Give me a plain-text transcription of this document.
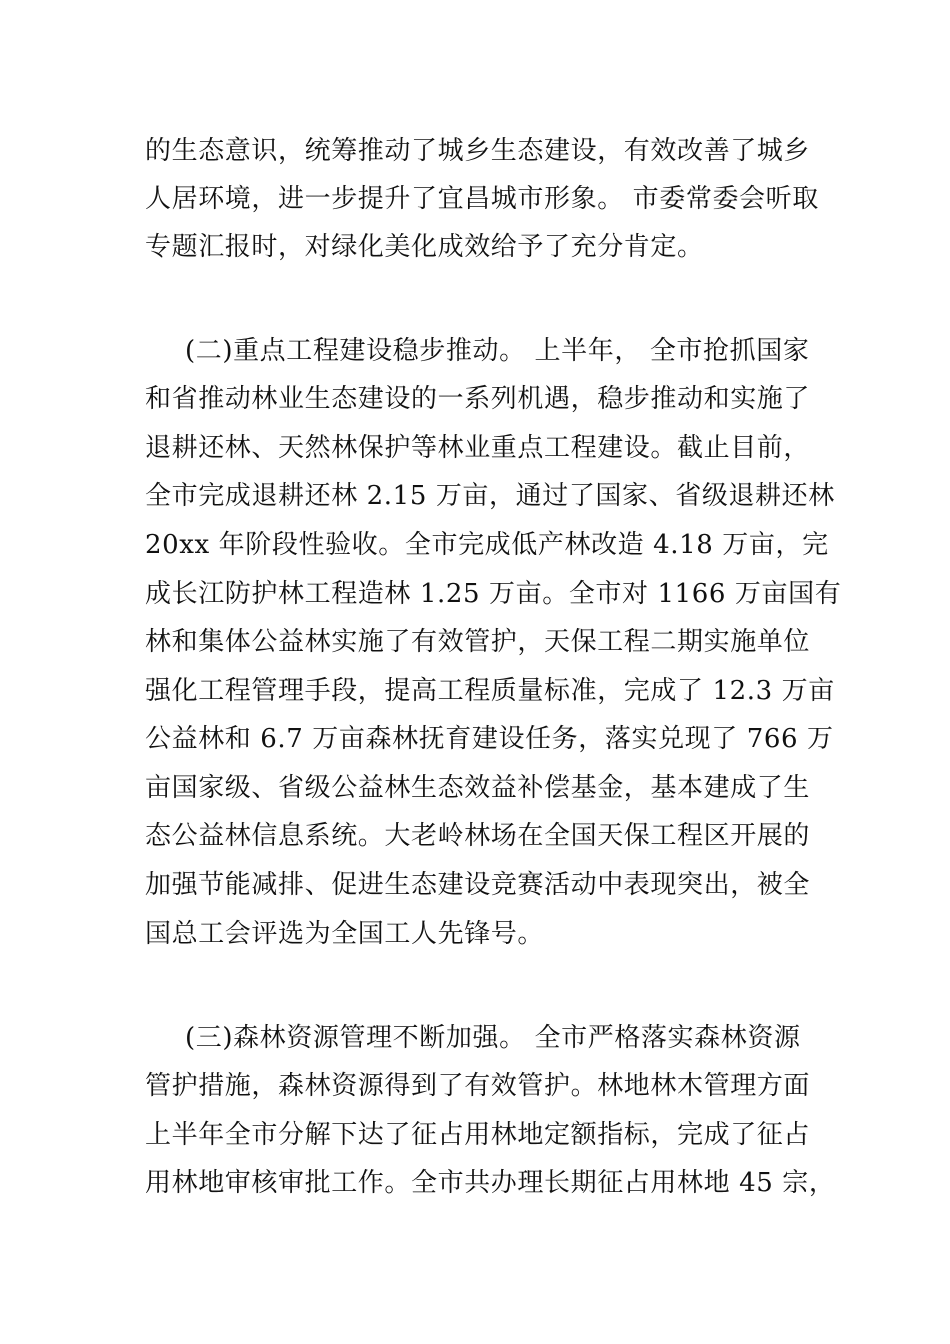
的生态意识，统筹推动了城乡生态建设，有效改善了城乡
人居环境，进一步提升了宜昌城市形象。 市委常委会听取
专题汇报时，对绿化美化成效给予了充分肯定。
(二)重点工程建设稳步推动。 上半年， 全市抢抓国家
和省推动林业生态建设的一系列机遇，稳步推动和实施了
退耕还林、天然林保护等林业重点工程建设。截止目前，
全市完成退耕还林 2.15 万亩，通过了国家、省级退耕还林
20xx 年阶段性验收。全市完成低产林改造 4.18 万亩，完
成长江防护林工程造林 1.25 万亩。全市对 1166 万亩国有
林和集体公益林实施了有效管护，天保工程二期实施单位
强化工程管理手段，提高工程质量标准，完成了 12.3 万亩
公益林和 6.7 万亩森林抚育建设任务，落实兑现了 766 万
亩国家级、省级公益林生态效益补偿基金，基本建成了生
态公益林信息系统。大老岭林场在全国天保工程区开展的
加强节能减排、促进生态建设竞赛活动中表现突出，被全
国总工会评选为全国工人先锋号。
(三)森林资源管理不断加强。 全市严格落实森林资源
管护措施，森林资源得到了有效管护。林地林木管理方面
上半年全市分解下达了征占用林地定额指标，完成了征占
用林地审核审批工作。全市共办理长期征占用林地 45 宗，
